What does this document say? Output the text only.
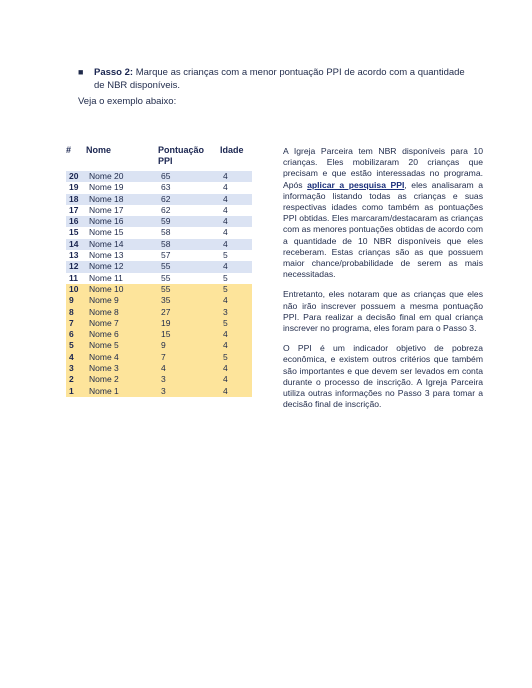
■ Passo 2: Marque as crianças com a menor pontuação PPI de acordo com a quantidade de NBR disponíveis.
Veja o exemplo abaixo:
#	Nome	Pontuação PPI	Idade
20	Nome 20	65	4
19	Nome 19	63	4
18	Nome 18	62	4
17	Nome 17	62	4
16	Nome 16	59	4
15	Nome 15	58	4
14	Nome 14	58	4
13	Nome 13	57	5
12	Nome 12	55	4
11	Nome 11	55	5
10	Nome 10	55	5
9	Nome 9	35	4
8	Nome 8	27	3
7	Nome 7	19	5
6	Nome 6	15	4
5	Nome 5	9	4
4	Nome 4	7	5
3	Nome 3	4	4
2	Nome 2	3	4
1	Nome 1	3	4

A Igreja Parceira tem NBR disponíveis para 10 crianças. Eles mobilizaram 20 crianças que precisam e que estão interessadas no programa. Após aplicar a pesquisa PPI, eles analisaram a informação listando todas as crianças e suas respectivas idades como também as pontuações PPI obtidas. Eles marcaram/destacaram as crianças com as menores pontuações obtidas de acordo com a quantidade de 10 NBR disponíveis que eles receberam. Estas crianças são as que possuem maior chance/probabilidade de serem as mais necessitadas.

Entretanto, eles notaram que as crianças que eles não irão inscrever possuem a mesma pontuação PPI. Para realizar a decisão final em qual criança inscrever no programa, eles foram para o Passo 3.

O PPI é um indicador objetivo de pobreza econômica, e existem outros critérios que também são importantes e que devem ser levados em conta durante o processo de inscrição. A Igreja Parceira utiliza outras informações no Passo 3 para tomar a decisão final de inscrição.
